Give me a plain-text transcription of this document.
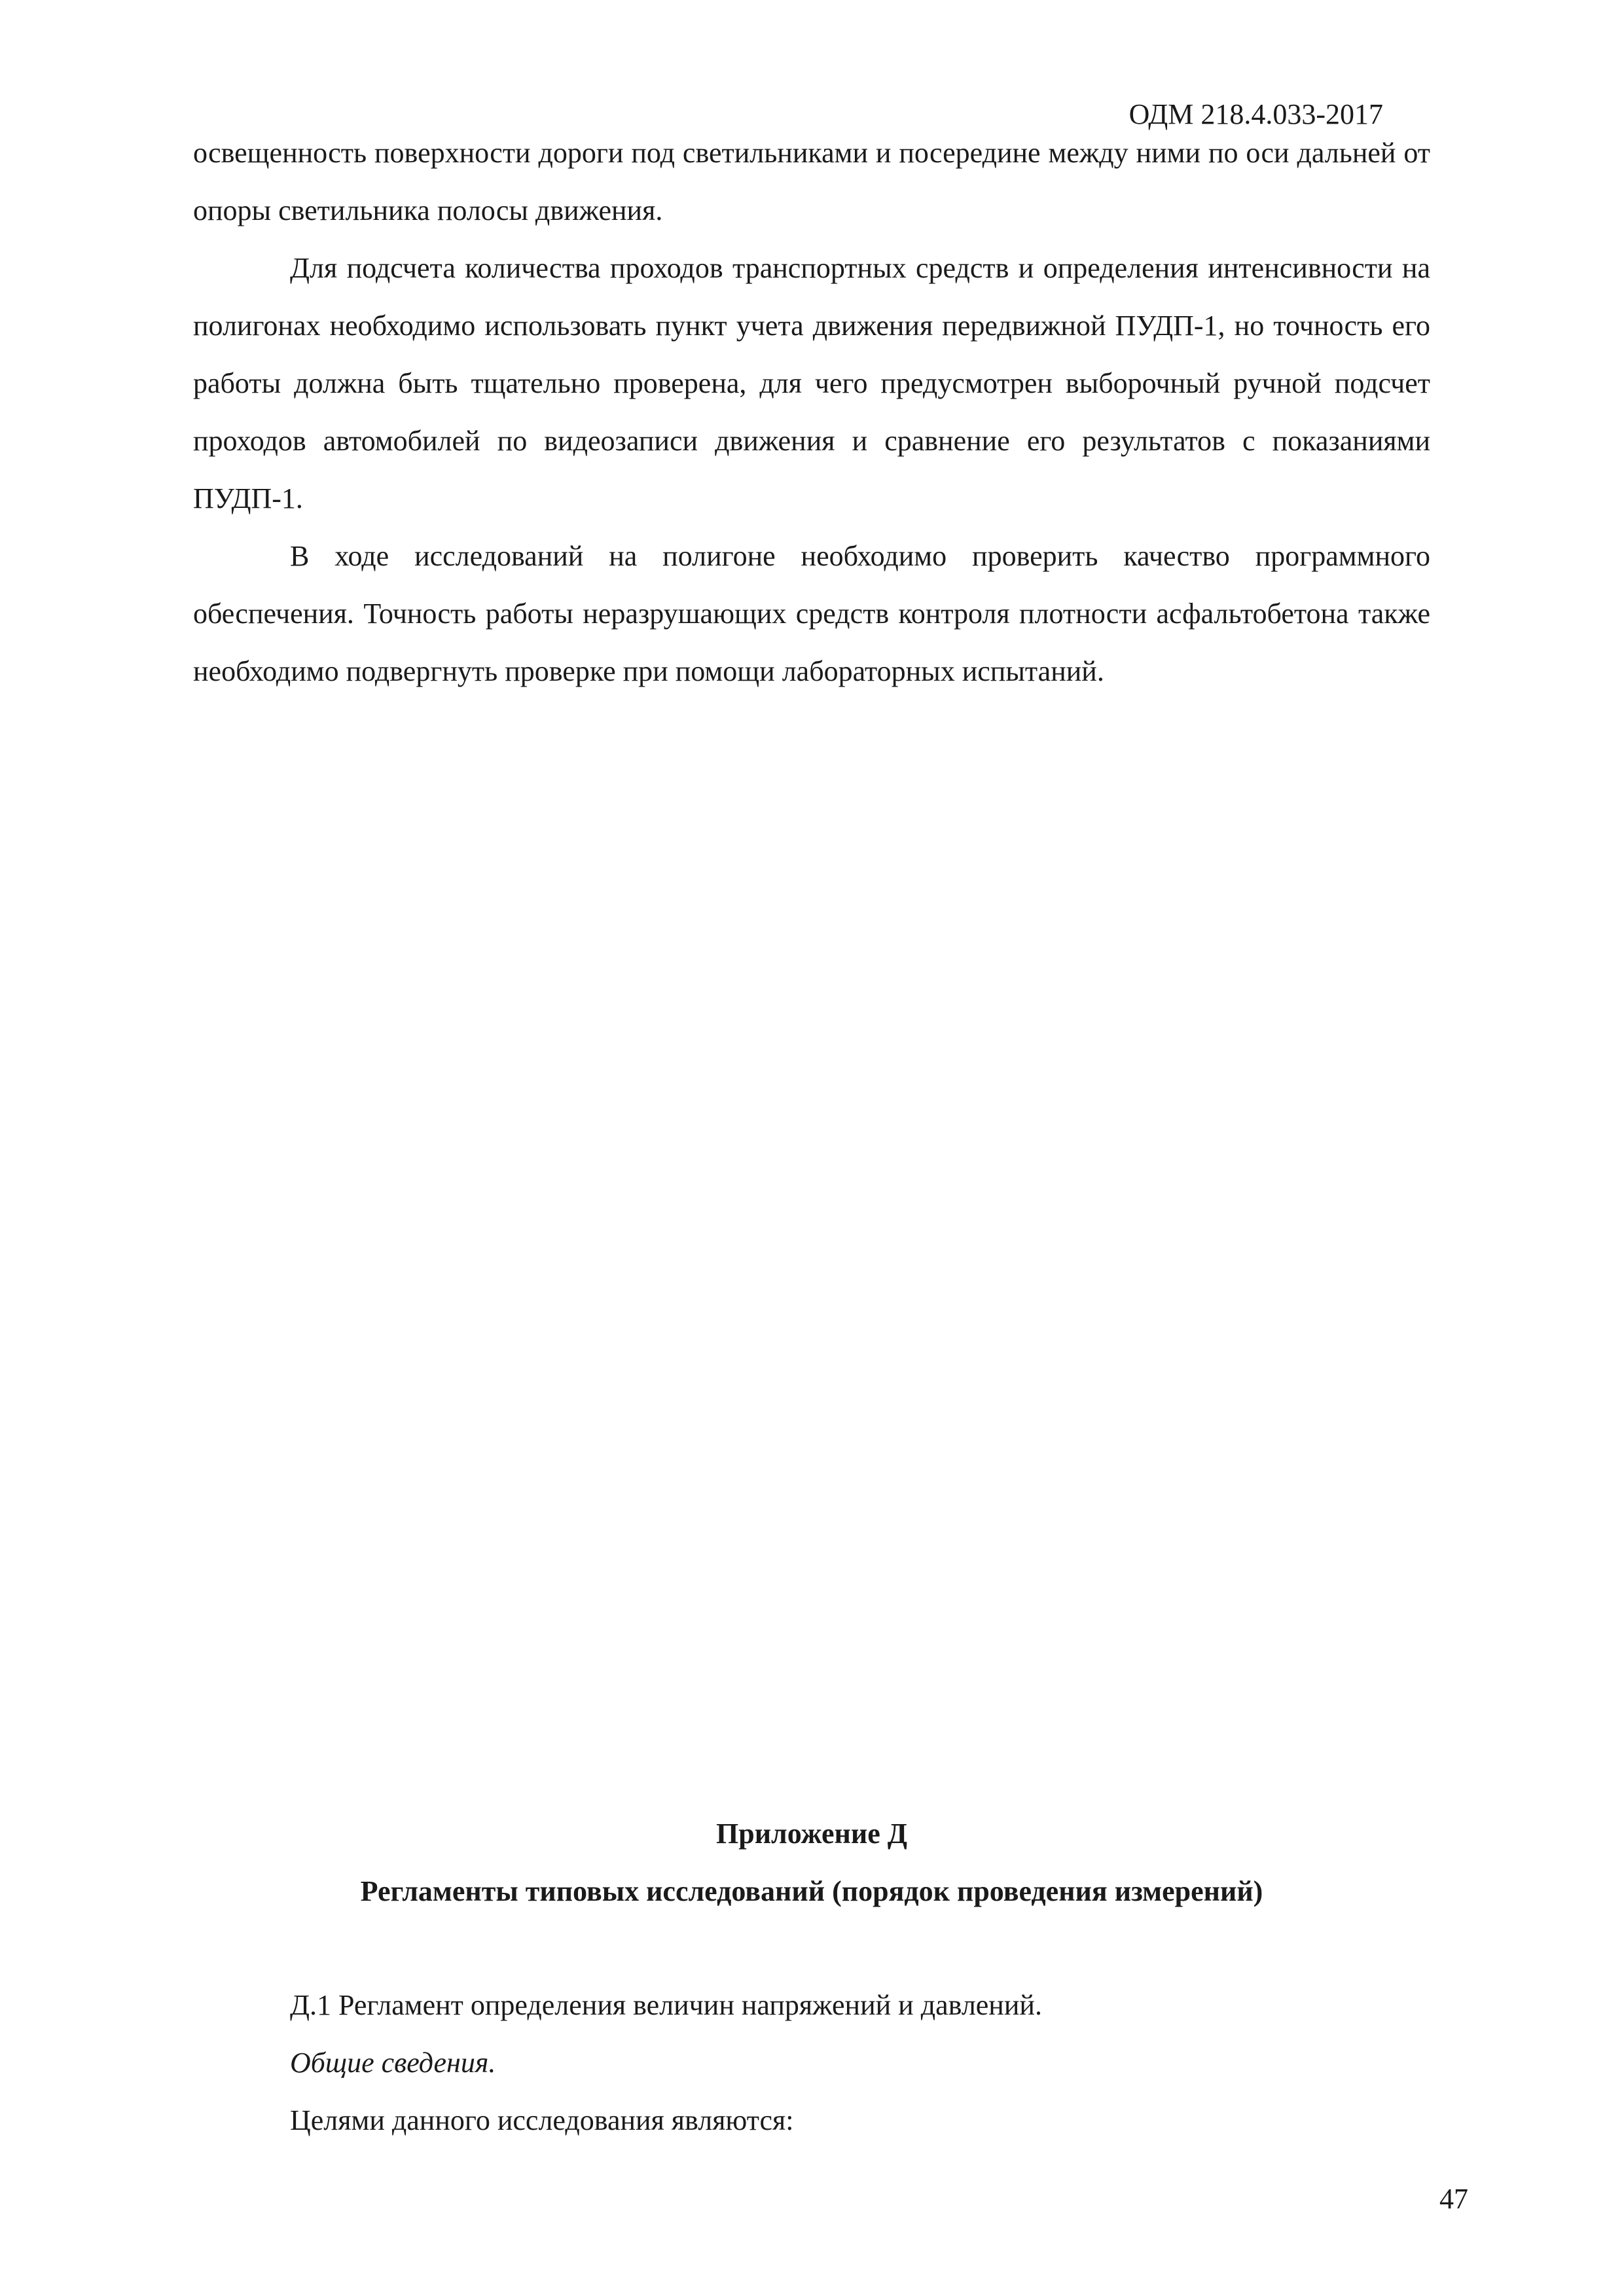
ОДМ 218.4.033-2017

освещенность поверхности дороги под светильниками и посередине между ними по оси дальней от опоры светильника полосы движения.

Для подсчета количества проходов транспортных средств и определения интенсивности на полигонах необходимо использовать пункт учета движения передвижной ПУДП-1, но точность его работы должна быть тщательно проверена, для чего предусмотрен выборочный ручной подсчет проходов автомобилей по видеозаписи движения и сравнение его результатов с показаниями ПУДП-1.

В ходе исследований на полигоне необходимо проверить качество программного обеспечения. Точность работы неразрушающих средств контроля плотности асфальтобетона также необходимо подвергнуть проверке при помощи лабораторных испытаний.

Приложение Д

Регламенты типовых исследований (порядок проведения измерений)

Д.1 Регламент определения величин напряжений и давлений.

Общие сведения.

Целями данного исследования являются:

47
